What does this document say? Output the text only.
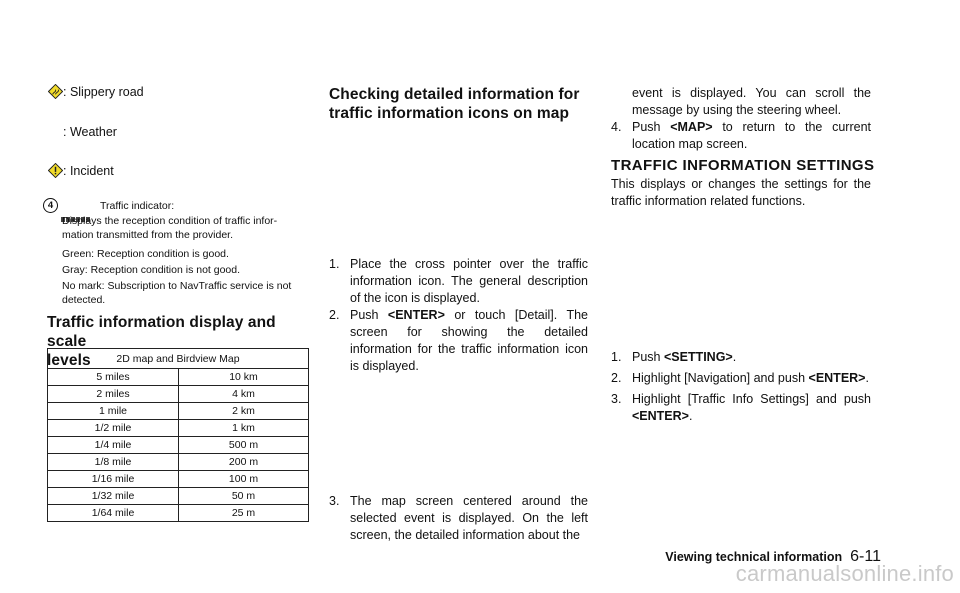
: Slippery road
: Weather
: Incident
4	Traffic indicator:
Displays the reception condition of traffic infor- mation transmitted from the provider.
Green: Reception condition is good.
Gray: Reception condition is not good.
No mark: Subscription to NavTraffic service is not detected.
Traffic information display and scale
levels	2D map and Birdview Map	
5 miles	10 km
2 miles	4 km
1 mile	2 km
1/2 mile	1 km
1/4 mile	500 m
1/8 mile	200 m
1/16 mile	100 m
1/32 mile	50 m
1/64 mile	25 m
Checking detailed information for
traffic information icons on map
1. Place the cross pointer over the traffic information icon. The general description of the icon is displayed.
2. Push <ENTER> or touch [Detail]. The screen for showing the detailed information for the traffic information icon is displayed.
3. The map screen centered around the selected event is displayed. On the left screen, the detailed information about the
event is displayed. You can scroll the message by using the steering wheel.
4. Push <MAP> to return to the current location map screen.
TRAFFIC INFORMATION SETTINGS
This displays or changes the settings for the traffic information related functions.
1. Push <SETTING>.
2. Highlight [Navigation] and push <ENTER>.
3. Highlight [Traffic Info Settings] and push <ENTER>.
Viewing technical information 6-11
carmanualsonline.info
